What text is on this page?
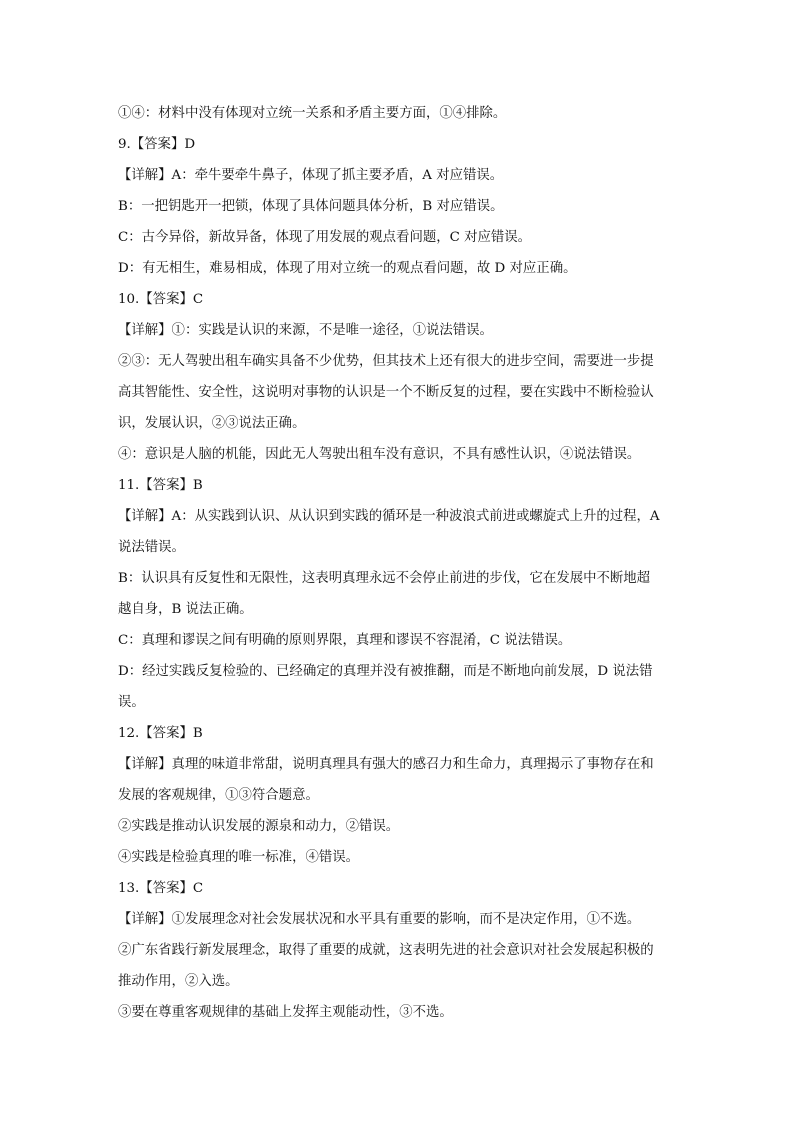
①④：材料中没有体现对立统一关系和矛盾主要方面，①④排除。
9.【答案】D
【详解】A：牵牛要牵牛鼻子，体现了抓主要矛盾，A 对应错误。
B：一把钥匙开一把锁，体现了具体问题具体分析，B 对应错误。
C：古今异俗，新故异备，体现了用发展的观点看问题，C 对应错误。
D：有无相生，难易相成，体现了用对立统一的观点看问题，故 D 对应正确。
10.【答案】C
【详解】①：实践是认识的来源，不是唯一途径，①说法错误。
②③：无人驾驶出租车确实具备不少优势，但其技术上还有很大的进步空间，需要进一步提
高其智能性、安全性，这说明对事物的认识是一个不断反复的过程，要在实践中不断检验认
识，发展认识，②③说法正确。
④：意识是人脑的机能，因此无人驾驶出租车没有意识，不具有感性认识，④说法错误。
11.【答案】B
【详解】A：从实践到认识、从认识到实践的循环是一种波浪式前进或螺旋式上升的过程，A
说法错误。
B：认识具有反复性和无限性，这表明真理永远不会停止前进的步伐，它在发展中不断地超
越自身，B 说法正确。
C：真理和谬误之间有明确的原则界限，真理和谬误不容混淆，C 说法错误。
D：经过实践反复检验的、已经确定的真理并没有被推翻，而是不断地向前发展，D 说法错
误。
12.【答案】B
【详解】真理的味道非常甜，说明真理具有强大的感召力和生命力，真理揭示了事物存在和
发展的客观规律，①③符合题意。
②实践是推动认识发展的源泉和动力，②错误。
④实践是检验真理的唯一标准，④错误。
13.【答案】C
【详解】①发展理念对社会发展状况和水平具有重要的影响，而不是决定作用，①不选。
②广东省践行新发展理念，取得了重要的成就，这表明先进的社会意识对社会发展起积极的
推动作用，②入选。
③要在尊重客观规律的基础上发挥主观能动性，③不选。
